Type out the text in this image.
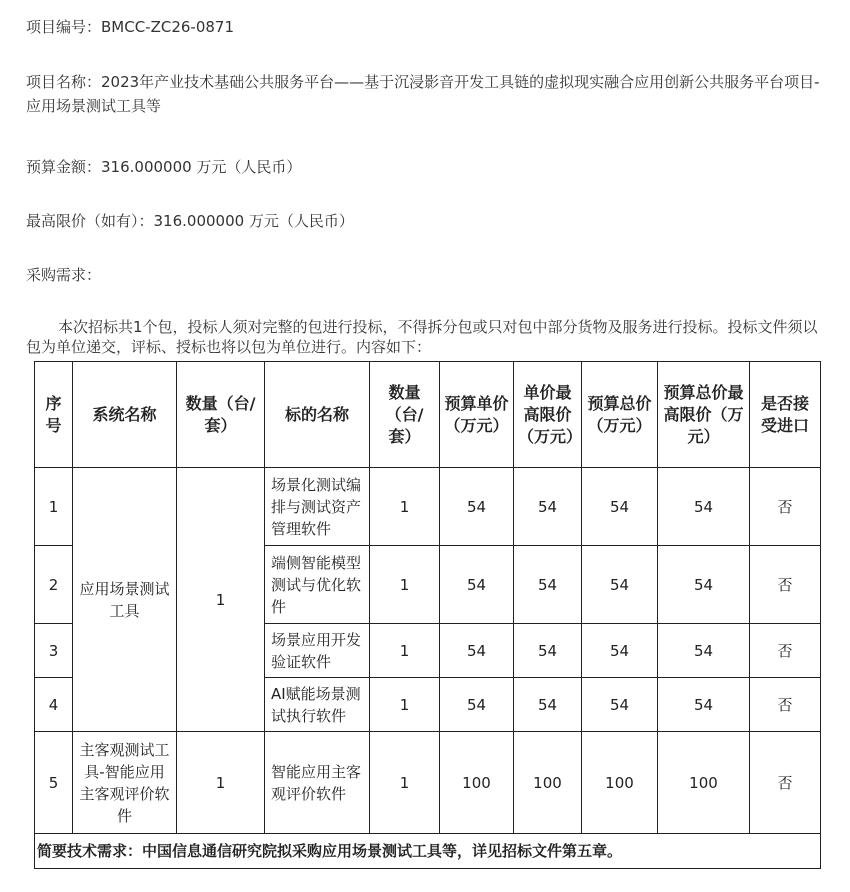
项目编号：BMCC-ZC26-0871
项目名称：2023年产业技术基础公共服务平台——基于沉浸影音开发工具链的虚拟现实融合应用创新公共服务平台项目-应用场景测试工具等
预算金额：316.000000 万元（人民币）
最高限价（如有）：316.000000 万元（人民币）
采购需求：
本次招标共1个包，投标人须对完整的包进行投标，不得拆分包或只对包中部分货物及服务进行投标。投标文件须以包为单位递交，评标、授标也将以包为单位进行。内容如下：
序号	系统名称	数量（台/套）	标的名称	数量（台/套）	预算单价（万元）	单价最高限价（万元）	预算总价（万元）	预算总价最高限价（万元）	是否接受进口
1	应用场景测试工具	1	场景化测试编排与测试资产管理软件	1	54	54	54	54	否
2			端侧智能模型测试与优化软件	1	54	54	54	54	否
3			场景应用开发验证软件	1	54	54	54	54	否
4			AI赋能场景测试执行软件	1	54	54	54	54	否
5	主客观测试工具-智能应用主客观评价软件	1	智能应用主客观评价软件	1	100	100	100	100	否
简要技术需求：中国信息通信研究院拟采购应用场景测试工具等，详见招标文件第五章。									
